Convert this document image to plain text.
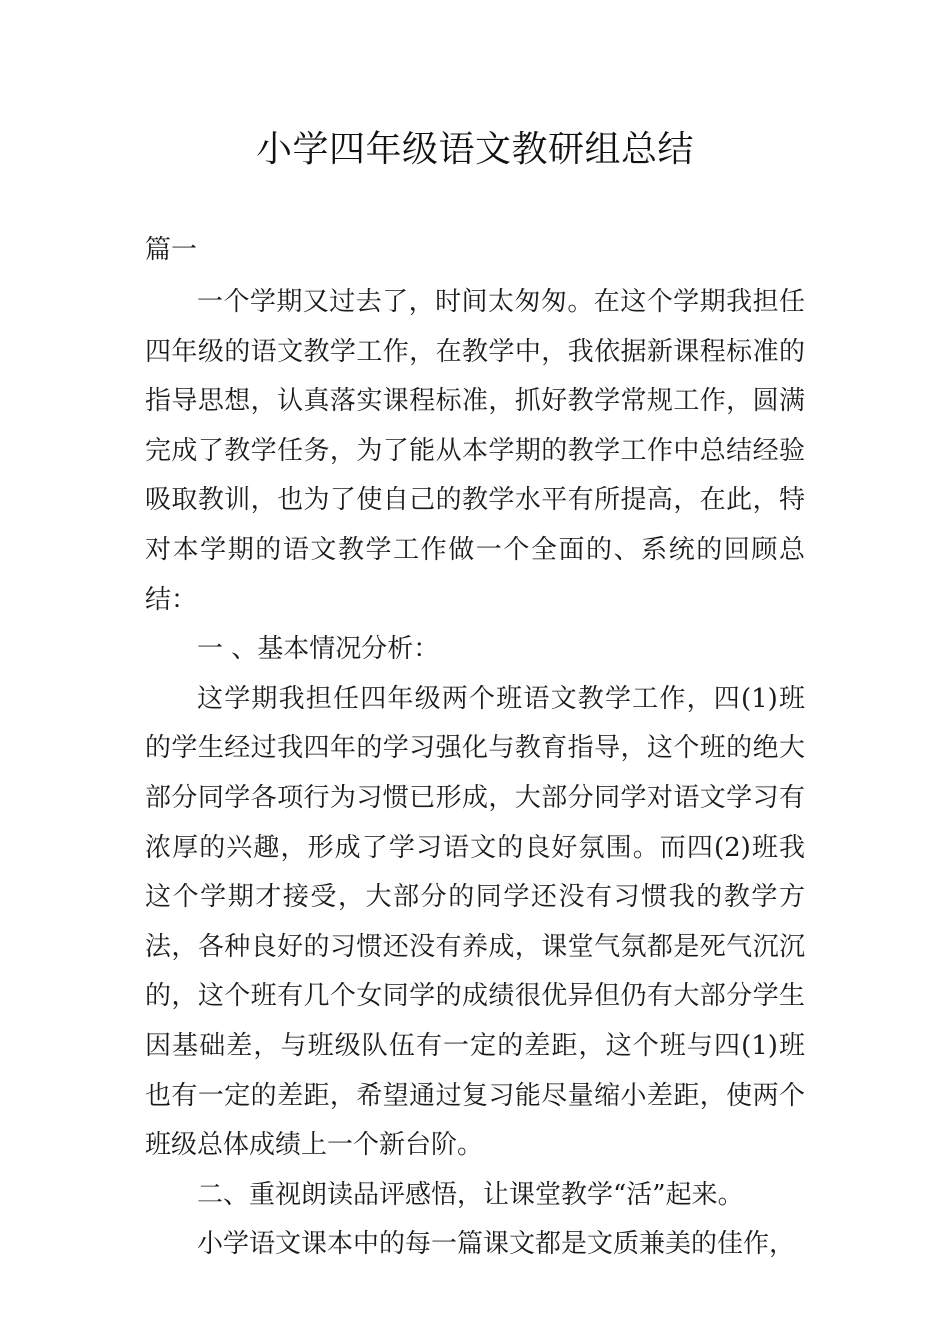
小学四年级语文教研组总结
篇一

一个学期又过去了，时间太匆匆。在这个学期我担任四年级的语文教学工作，在教学中，我依据新课程标准的指导思想，认真落实课程标准，抓好教学常规工作，圆满完成了教学任务，为了能从本学期的教学工作中总结经验吸取教训，也为了使自己的教学水平有所提高，在此，特对本学期的语文教学工作做一个全面的、系统的回顾总结：

一 、基本情况分析：

这学期我担任四年级两个班语文教学工作，四(1)班的学生经过我四年的学习强化与教育指导，这个班的绝大部分同学各项行为习惯已形成，大部分同学对语文学习有浓厚的兴趣，形成了学习语文的良好氛围。而四(2)班我这个学期才接受，大部分的同学还没有习惯我的教学方法，各种良好的习惯还没有养成，课堂气氛都是死气沉沉的，这个班有几个女同学的成绩很优异但仍有大部分学生因基础差，与班级队伍有一定的差距，这个班与四(1)班也有一定的差距，希望通过复习能尽量缩小差距，使两个班级总体成绩上一个新台阶。

二、重视朗读品评感悟，让课堂教学“活”起来。

小学语文课本中的每一篇课文都是文质兼美的佳作，
